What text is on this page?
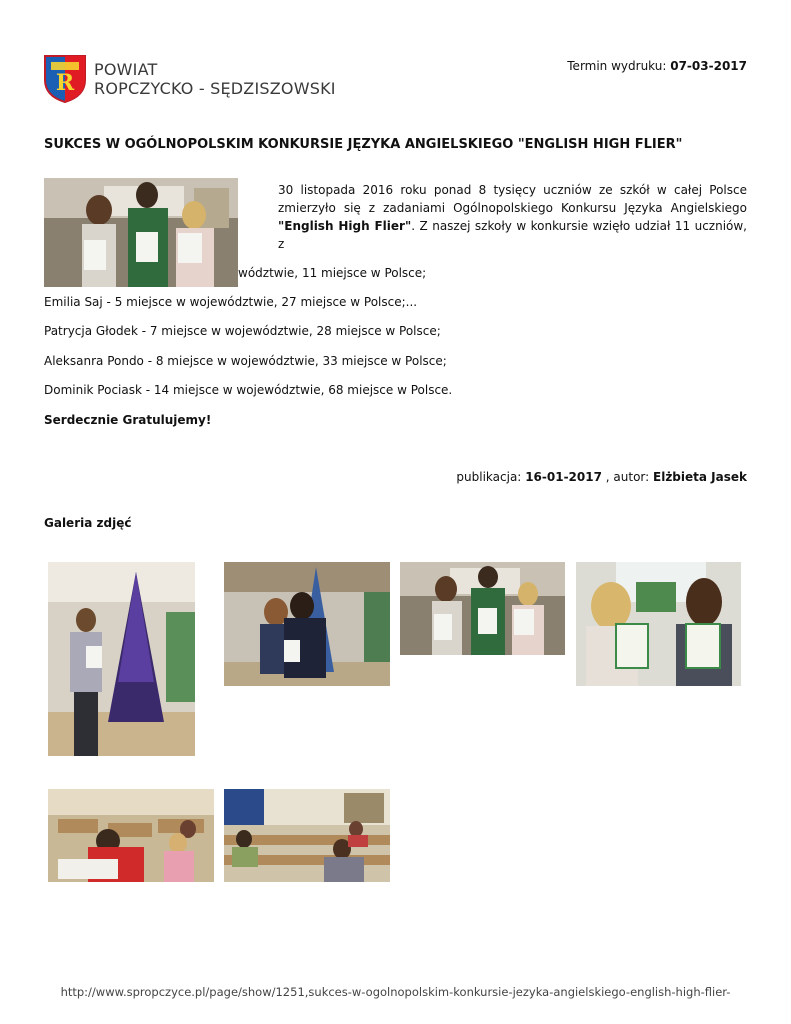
R
POWIAT
ROPCZYCKO - SĘDZISZOWSKI
Termin wydruku: 07-03-2017
SUKCES W OGÓLNOPOLSKIM KONKURSIE JĘZYKA ANGIELSKIEGO "ENGLISH HIGH FLIER"
30 listopada 2016 roku ponad 8 tysięcy uczniów ze szkół w całej Polsce zmierzyło się z zadaniami Ogólnopolskiego Konkursu Języka Angielskiego "English High Flier". Z naszej szkoły w konkursie wzięło udział 11 uczniów, z
wództwie, 11 miejsce w Polsce;
Emilia Saj - 5 miejsce w województwie, 27 miejsce w Polsce;...
Patrycja Głodek - 7 miejsce w województwie, 28 miejsce w Polsce;
Aleksanra Pondo - 8 miejsce w województwie, 33 miejsce w Polsce;
Dominik Pociask - 14 miejsce w województwie, 68 miejsce w Polsce.
Serdecznie Gratulujemy!
publikacja: 16-01-2017 , autor: Elżbieta Jasek
Galeria zdjęć
http://www.spropczyce.pl/page/show/1251,sukces-w-ogolnopolskim-konkursie-jezyka-angielskiego-english-high-flier-
